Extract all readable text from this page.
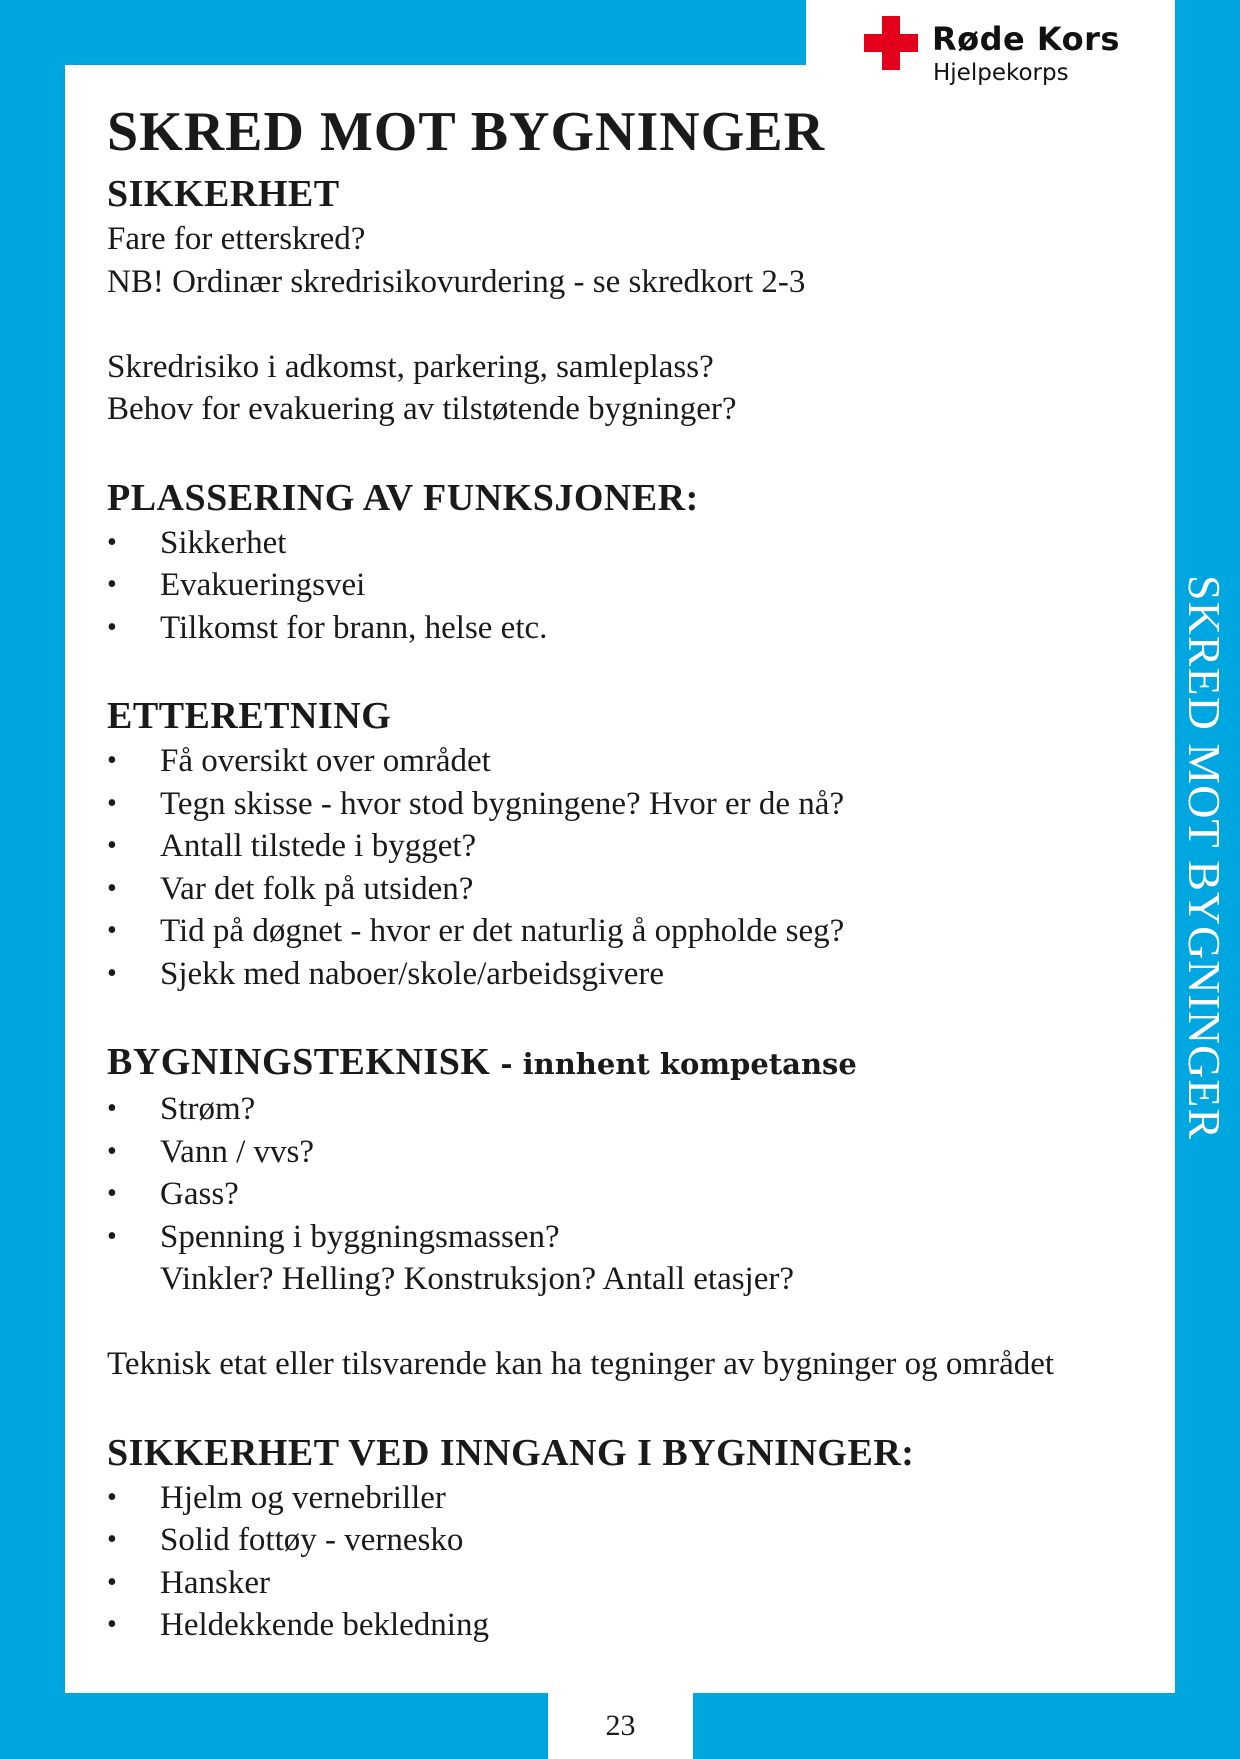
Røde Kors
Hjelpekorps
SKRED MOT BYGNINGER
SKRED MOT BYGNINGER
SIKKERHET

Fare for etterskred?

NB! Ordinær skredrisikovurdering - se skredkort 2-3

Skredrisiko i adkomst, parkering, samleplass?

Behov for evakuering av tilstøtende bygninger?

PLASSERING AV FUNKSJONER:
• Sikkerhet
• Evakueringsvei
• Tilkomst for brann, helse etc.
ETTERETNING
• Få oversikt over området
• Tegn skisse - hvor stod bygningene? Hvor er de nå?
• Antall tilstede i bygget?
• Var det folk på utsiden?
• Tid på døgnet - hvor er det naturlig å oppholde seg?
• Sjekk med naboer/skole/arbeidsgivere
BYGNINGSTEKNISK - innhent kompetanse
• Strøm?
• Vann / vvs?
• Gass?
• Spenning i byggningsmassen?

Vinkler? Helling? Konstruksjon? Antall etasjer?

Teknisk etat eller tilsvarende kan ha tegninger av bygninger og området

SIKKERHET VED INNGANG I BYGNINGER:
• Hjelm og vernebriller
• Solid fottøy - vernesko
• Hansker
• Heldekkende bekledning
23
